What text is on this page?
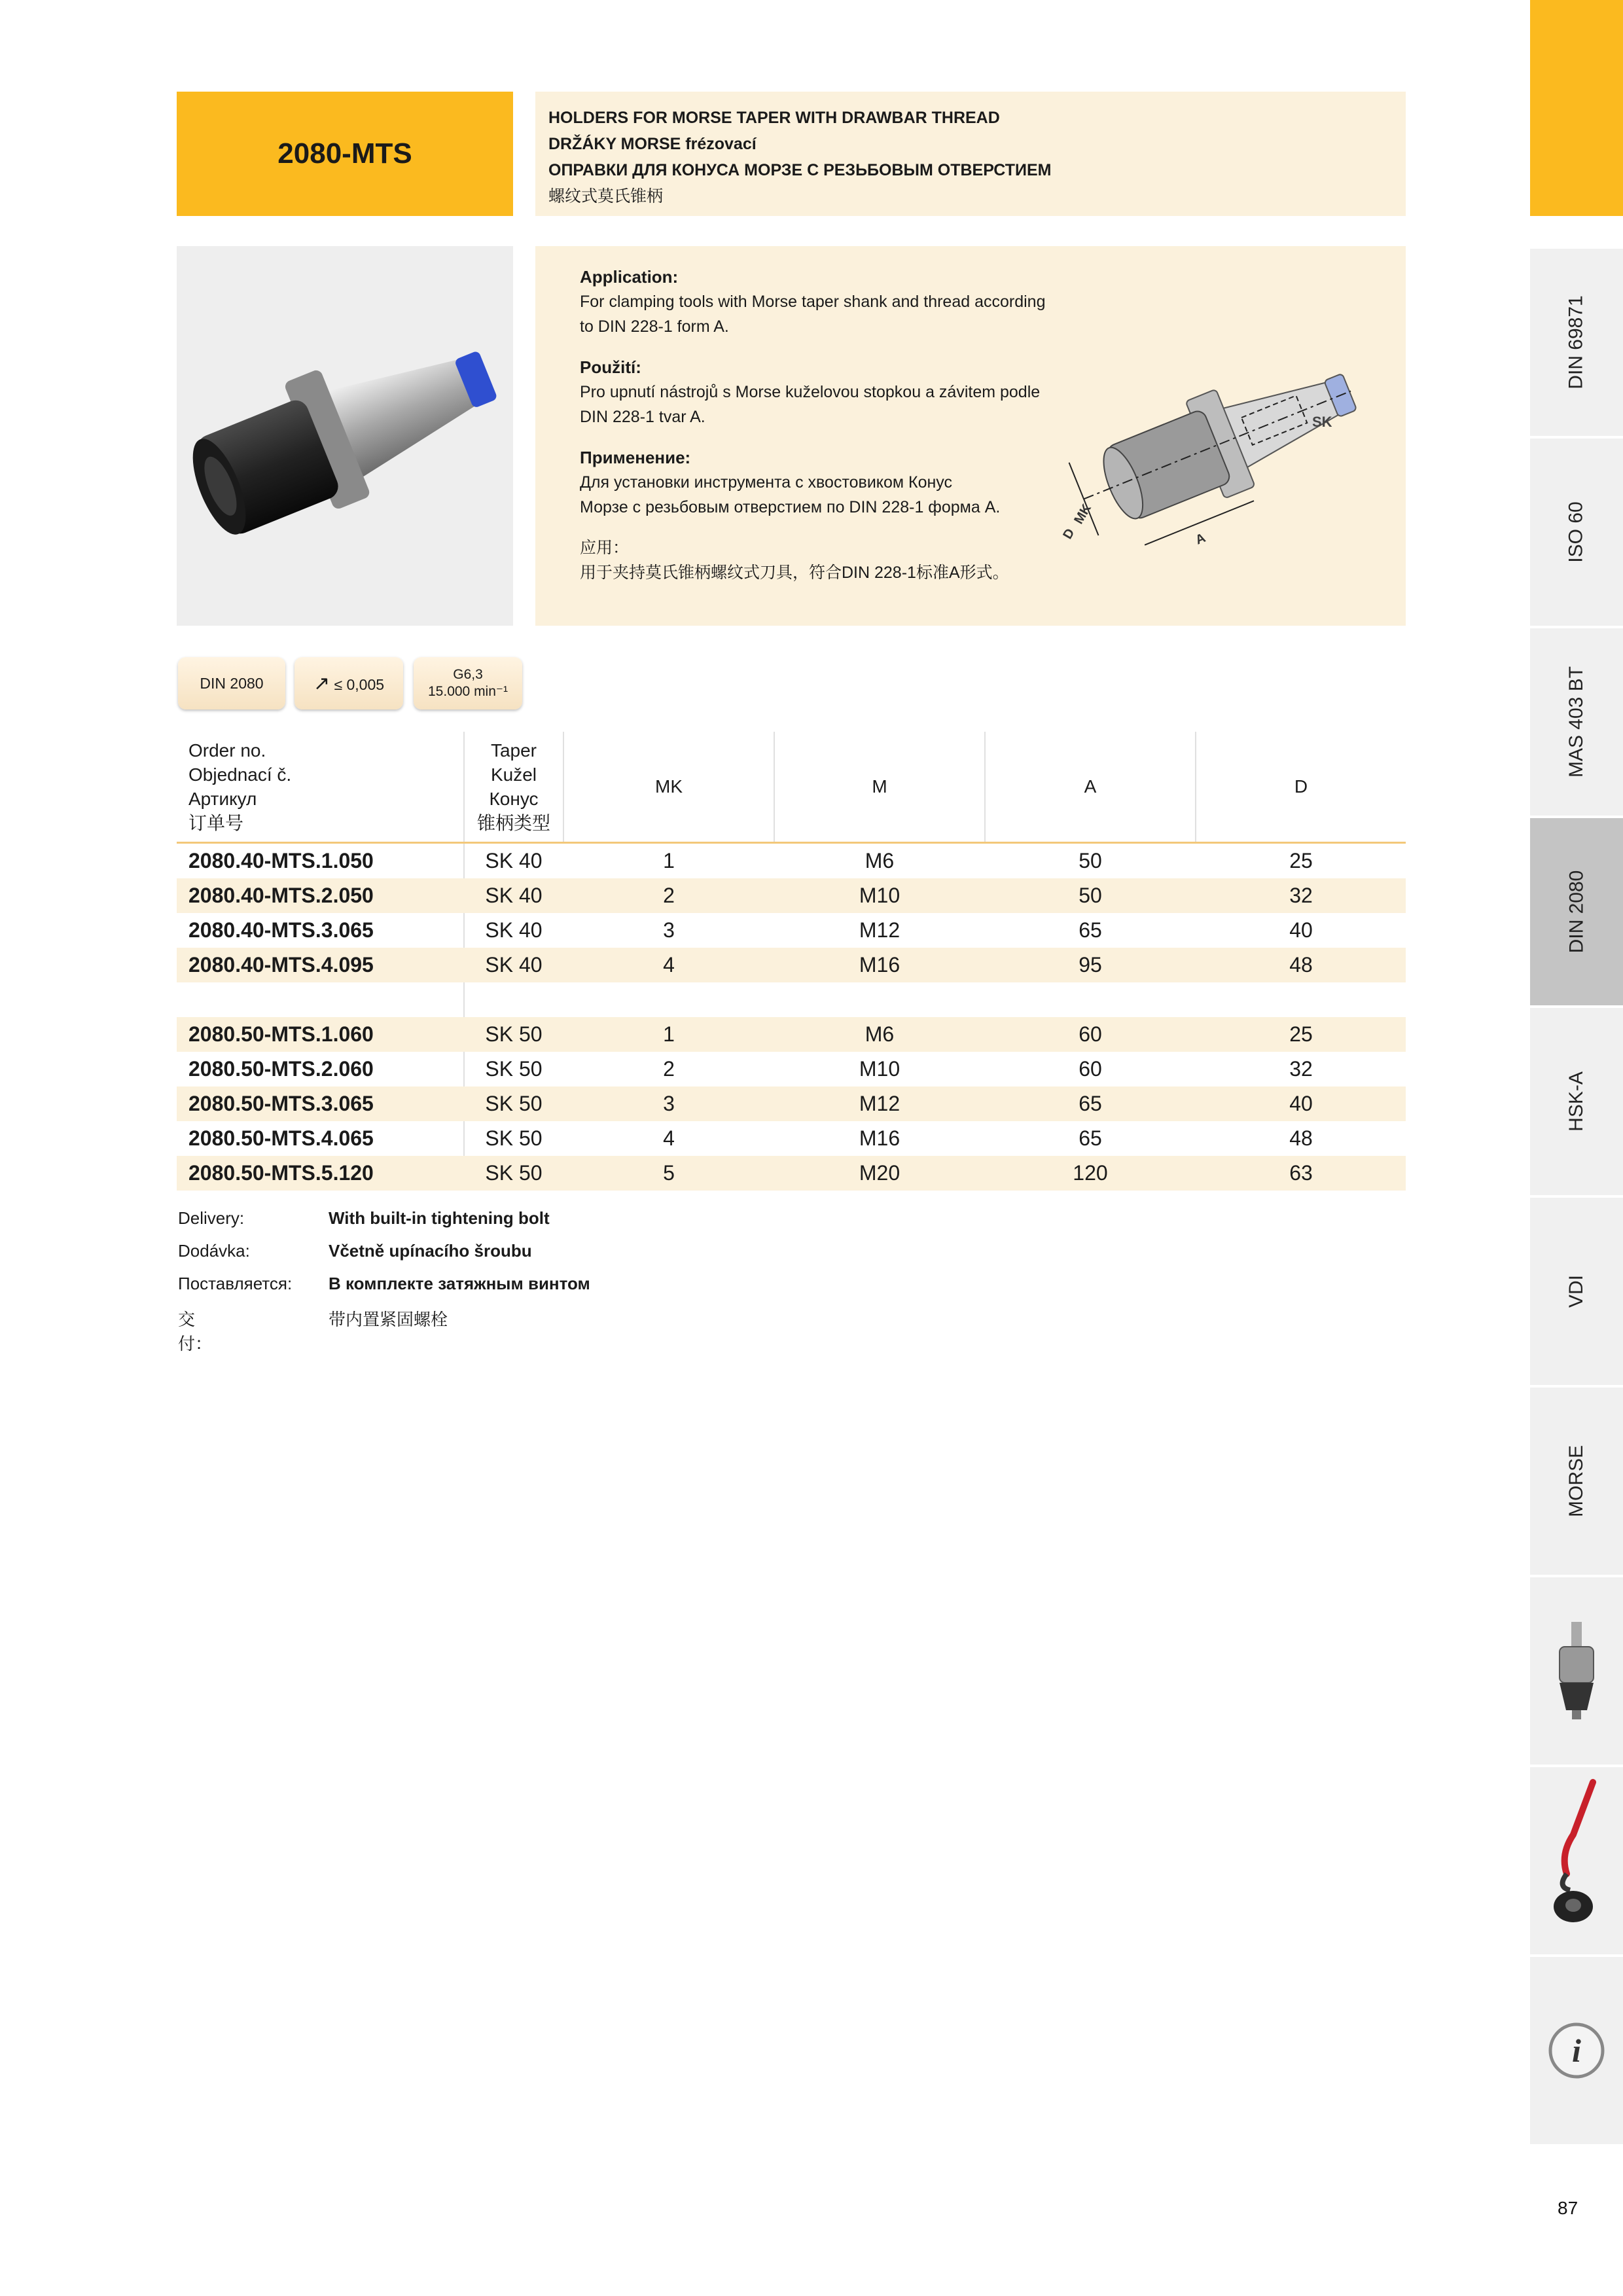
2080-MTS
HOLDERS FOR MORSE TAPER WITH DRAWBAR THREAD
DRŽÁKY MORSE frézovací
ОПРАВКИ ДЛЯ КОНУСА МОРЗЕ С РЕЗЬБОВЫМ ОТВЕРСТИЕМ
螺纹式莫氏锥柄
Application:
For clamping tools with Morse taper shank and thread according
to DIN 228-1 form A.
Použití:
Pro upnutí nástrojů s Morse kuželovou stopkou a závitem podle
DIN 228-1 tvar A.
Применение:
Для установки инструмента с хвостовиком Конус
Морзе с резьбовым отверстием по DIN 228-1 форма А.
应用：
用于夹持莫氏锥柄螺纹式刀具，符合DIN 228-1标准A形式。
SK
D
MK
A
DIN 2080	↗ ≤ 0,005
G6,3
15.000 min⁻¹
Order no.
Objednací č.
Артикул
订单号
Taper
Kužel
Конус
锥柄类型
MK	M	A	D
2080.40-MTS.1.050	SK 40	1	M6	50	25
2080.40-MTS.2.050	SK 40	2	M10	50	32
2080.40-MTS.3.065	SK 40	3	M12	65	40
2080.40-MTS.4.095	SK 40	4	M16	95	48
2080.50-MTS.1.060	SK 50	1	M6	60	25
2080.50-MTS.2.060	SK 50	2	M10	60	32
2080.50-MTS.3.065	SK 50	3	M12	65	40
2080.50-MTS.4.065	SK 50	4	M16	65	48
2080.50-MTS.5.120	SK 50	5	M20	120	63
Delivery:	With built-in tightening bolt
Dodávka:	Včetně upínacího šroubu
Поставляется: В комплекте затяжным винтом
交付：
带内置紧固螺栓
DIN 69871
ISO 60
MAS 403 BT
DIN 2080
HSK-A
VDI
MORSE
i
87
